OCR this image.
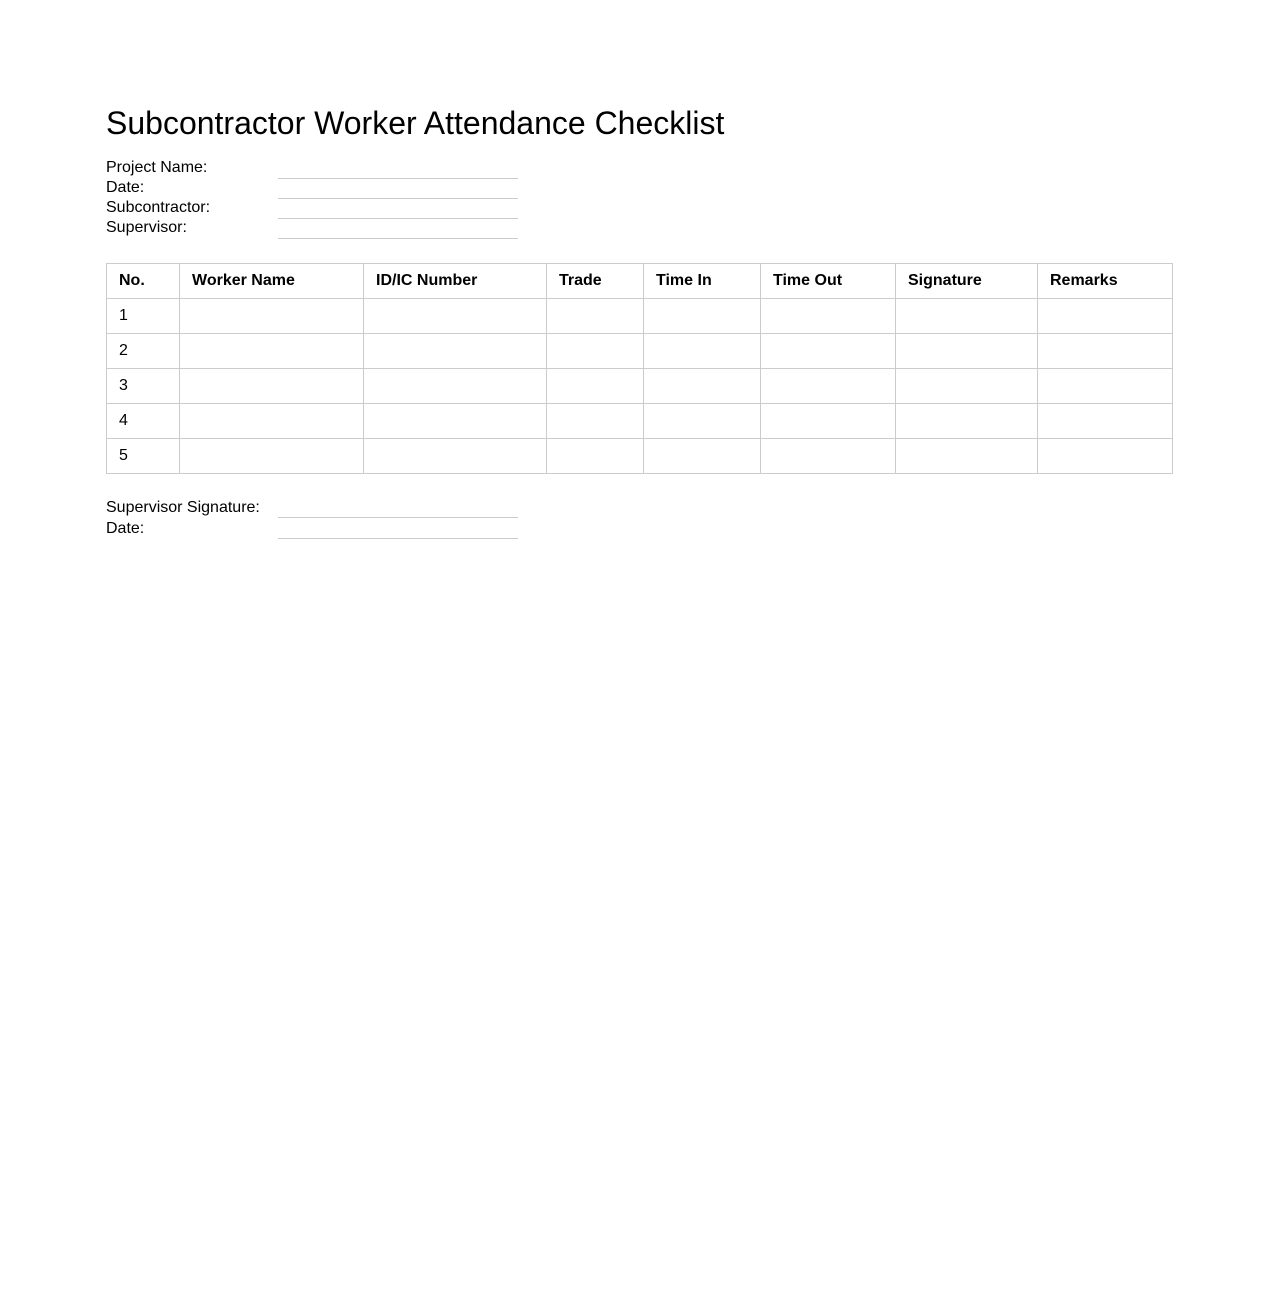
Subcontractor Worker Attendance Checklist
Project Name:
Date:
Subcontractor:
Supervisor:
No.	Worker Name	ID/IC Number	Trade	Time In	Time Out	Signature	Remarks
1							
2							
3							
4							
5							
Supervisor Signature:
Date:
